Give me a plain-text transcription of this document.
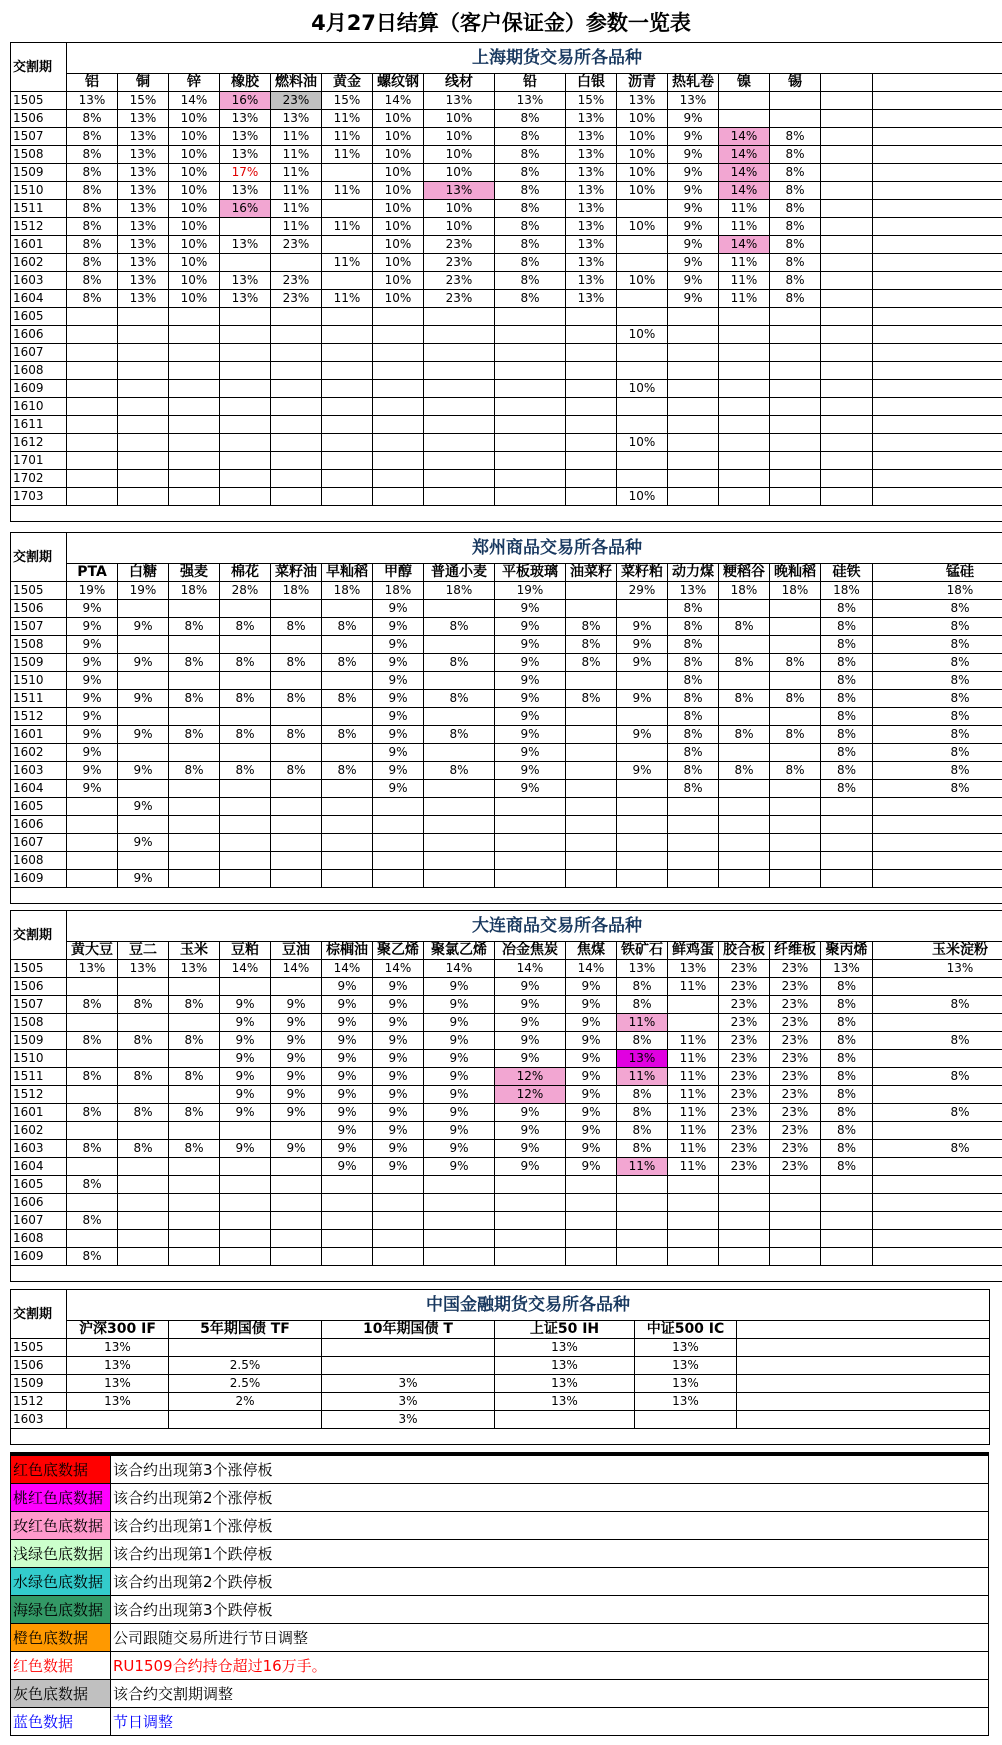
4月27日结算（客户保证金）参数一览表
交割期	上海期货交易所各品种															
	铝	铜	锌	橡胶	燃料油	黄金	螺纹钢	线材	铅	白银	沥青	热轧卷	镍	锡		
1505	13%	15%	14%	16%	23%	15%	14%	13%	13%	15%	13%	13%				
1506	8%	13%	10%	13%	13%	11%	10%	10%	8%	13%	10%	9%				
1507	8%	13%	10%	13%	11%	11%	10%	10%	8%	13%	10%	9%	14%	8%		
1508	8%	13%	10%	13%	11%	11%	10%	10%	8%	13%	10%	9%	14%	8%		
1509	8%	13%	10%	17%	11%		10%	10%	8%	13%	10%	9%	14%	8%		
1510	8%	13%	10%	13%	11%	11%	10%	13%	8%	13%	10%	9%	14%	8%		
1511	8%	13%	10%	16%	11%		10%	10%	8%	13%		9%	11%	8%		
1512	8%	13%	10%		11%	11%	10%	10%	8%	13%	10%	9%	11%	8%		
1601	8%	13%	10%	13%	23%		10%	23%	8%	13%		9%	14%	8%		
1602	8%	13%	10%			11%	10%	23%	8%	13%		9%	11%	8%		
1603	8%	13%	10%	13%	23%		10%	23%	8%	13%	10%	9%	11%	8%		
1604	8%	13%	10%	13%	23%	11%	10%	23%	8%	13%		9%	11%	8%		
1605																
1606											10%					
1607																
1608																
1609											10%					
1610																
1611																
1612											10%					
1701																
1702																
1703											10%					

交割期	郑州商品交易所各品种															
	PTA	白糖	强麦	棉花	菜籽油	早籼稻	甲醇	普通小麦	平板玻璃	油菜籽	菜籽粕	动力煤	粳稻谷	晚籼稻	硅铁	锰硅
1505	19%	19%	18%	28%	18%	18%	18%	18%	19%		29%	13%	18%	18%	18%	18%
1506	9%						9%		9%			8%			8%	8%
1507	9%	9%	8%	8%	8%	8%	9%	8%	9%	8%	9%	8%	8%		8%	8%
1508	9%						9%		9%	8%	9%	8%			8%	8%
1509	9%	9%	8%	8%	8%	8%	9%	8%	9%	8%	9%	8%	8%	8%	8%	8%
1510	9%						9%		9%			8%			8%	8%
1511	9%	9%	8%	8%	8%	8%	9%	8%	9%	8%	9%	8%	8%	8%	8%	8%
1512	9%						9%		9%			8%			8%	8%
1601	9%	9%	8%	8%	8%	8%	9%	8%	9%		9%	8%	8%	8%	8%	8%
1602	9%						9%		9%			8%			8%	8%
1603	9%	9%	8%	8%	8%	8%	9%	8%	9%		9%	8%	8%	8%	8%	8%
1604	9%						9%		9%			8%			8%	8%
1605		9%														
1606																
1607		9%														
1608																
1609		9%														

交割期	大连商品交易所各品种															
	黄大豆	豆二	玉米	豆粕	豆油	棕榈油	聚乙烯	聚氯乙烯	冶金焦炭	焦煤	铁矿石	鲜鸡蛋	胶合板	纤维板	聚丙烯	玉米淀粉
1505	13%	13%	13%	14%	14%	14%	14%	14%	14%	14%	13%	13%	23%	23%	13%	13%
1506						9%	9%	9%	9%	9%	8%	11%	23%	23%	8%	
1507	8%	8%	8%	9%	9%	9%	9%	9%	9%	9%	8%		23%	23%	8%	8%
1508				9%	9%	9%	9%	9%	9%	9%	11%		23%	23%	8%	
1509	8%	8%	8%	9%	9%	9%	9%	9%	9%	9%	8%	11%	23%	23%	8%	8%
1510				9%	9%	9%	9%	9%	9%	9%	13%	11%	23%	23%	8%	
1511	8%	8%	8%	9%	9%	9%	9%	9%	12%	9%	11%	11%	23%	23%	8%	8%
1512				9%	9%	9%	9%	9%	12%	9%	8%	11%	23%	23%	8%	
1601	8%	8%	8%	9%	9%	9%	9%	9%	9%	9%	8%	11%	23%	23%	8%	8%
1602						9%	9%	9%	9%	9%	8%	11%	23%	23%	8%	
1603	8%	8%	8%	9%	9%	9%	9%	9%	9%	9%	8%	11%	23%	23%	8%	8%
1604						9%	9%	9%	9%	9%	11%	11%	23%	23%	8%	
1605	8%															
1606																
1607	8%															
1608																
1609	8%															

交割期	中国金融期货交易所各品种					
	沪深300 IF	5年期国债 TF	10年期国债 T	上证50 IH	中证500 IC	
1505	13%			13%	13%	
1506	13%	2.5%		13%	13%	
1509	13%	2.5%	3%	13%	13%	
1512	13%	2%	3%	13%	13%	
1603			3%			

红色底数据	该合约出现第3个涨停板
桃红色底数据	该合约出现第2个涨停板
玫红色底数据	该合约出现第1个涨停板
浅绿色底数据	该合约出现第1个跌停板
水绿色底数据	该合约出现第2个跌停板
海绿色底数据	该合约出现第3个跌停板
橙色底数据	公司跟随交易所进行节日调整
红色数据	RU1509合约持仓超过16万手。
灰色底数据	该合约交割期调整
蓝色数据	节日调整
